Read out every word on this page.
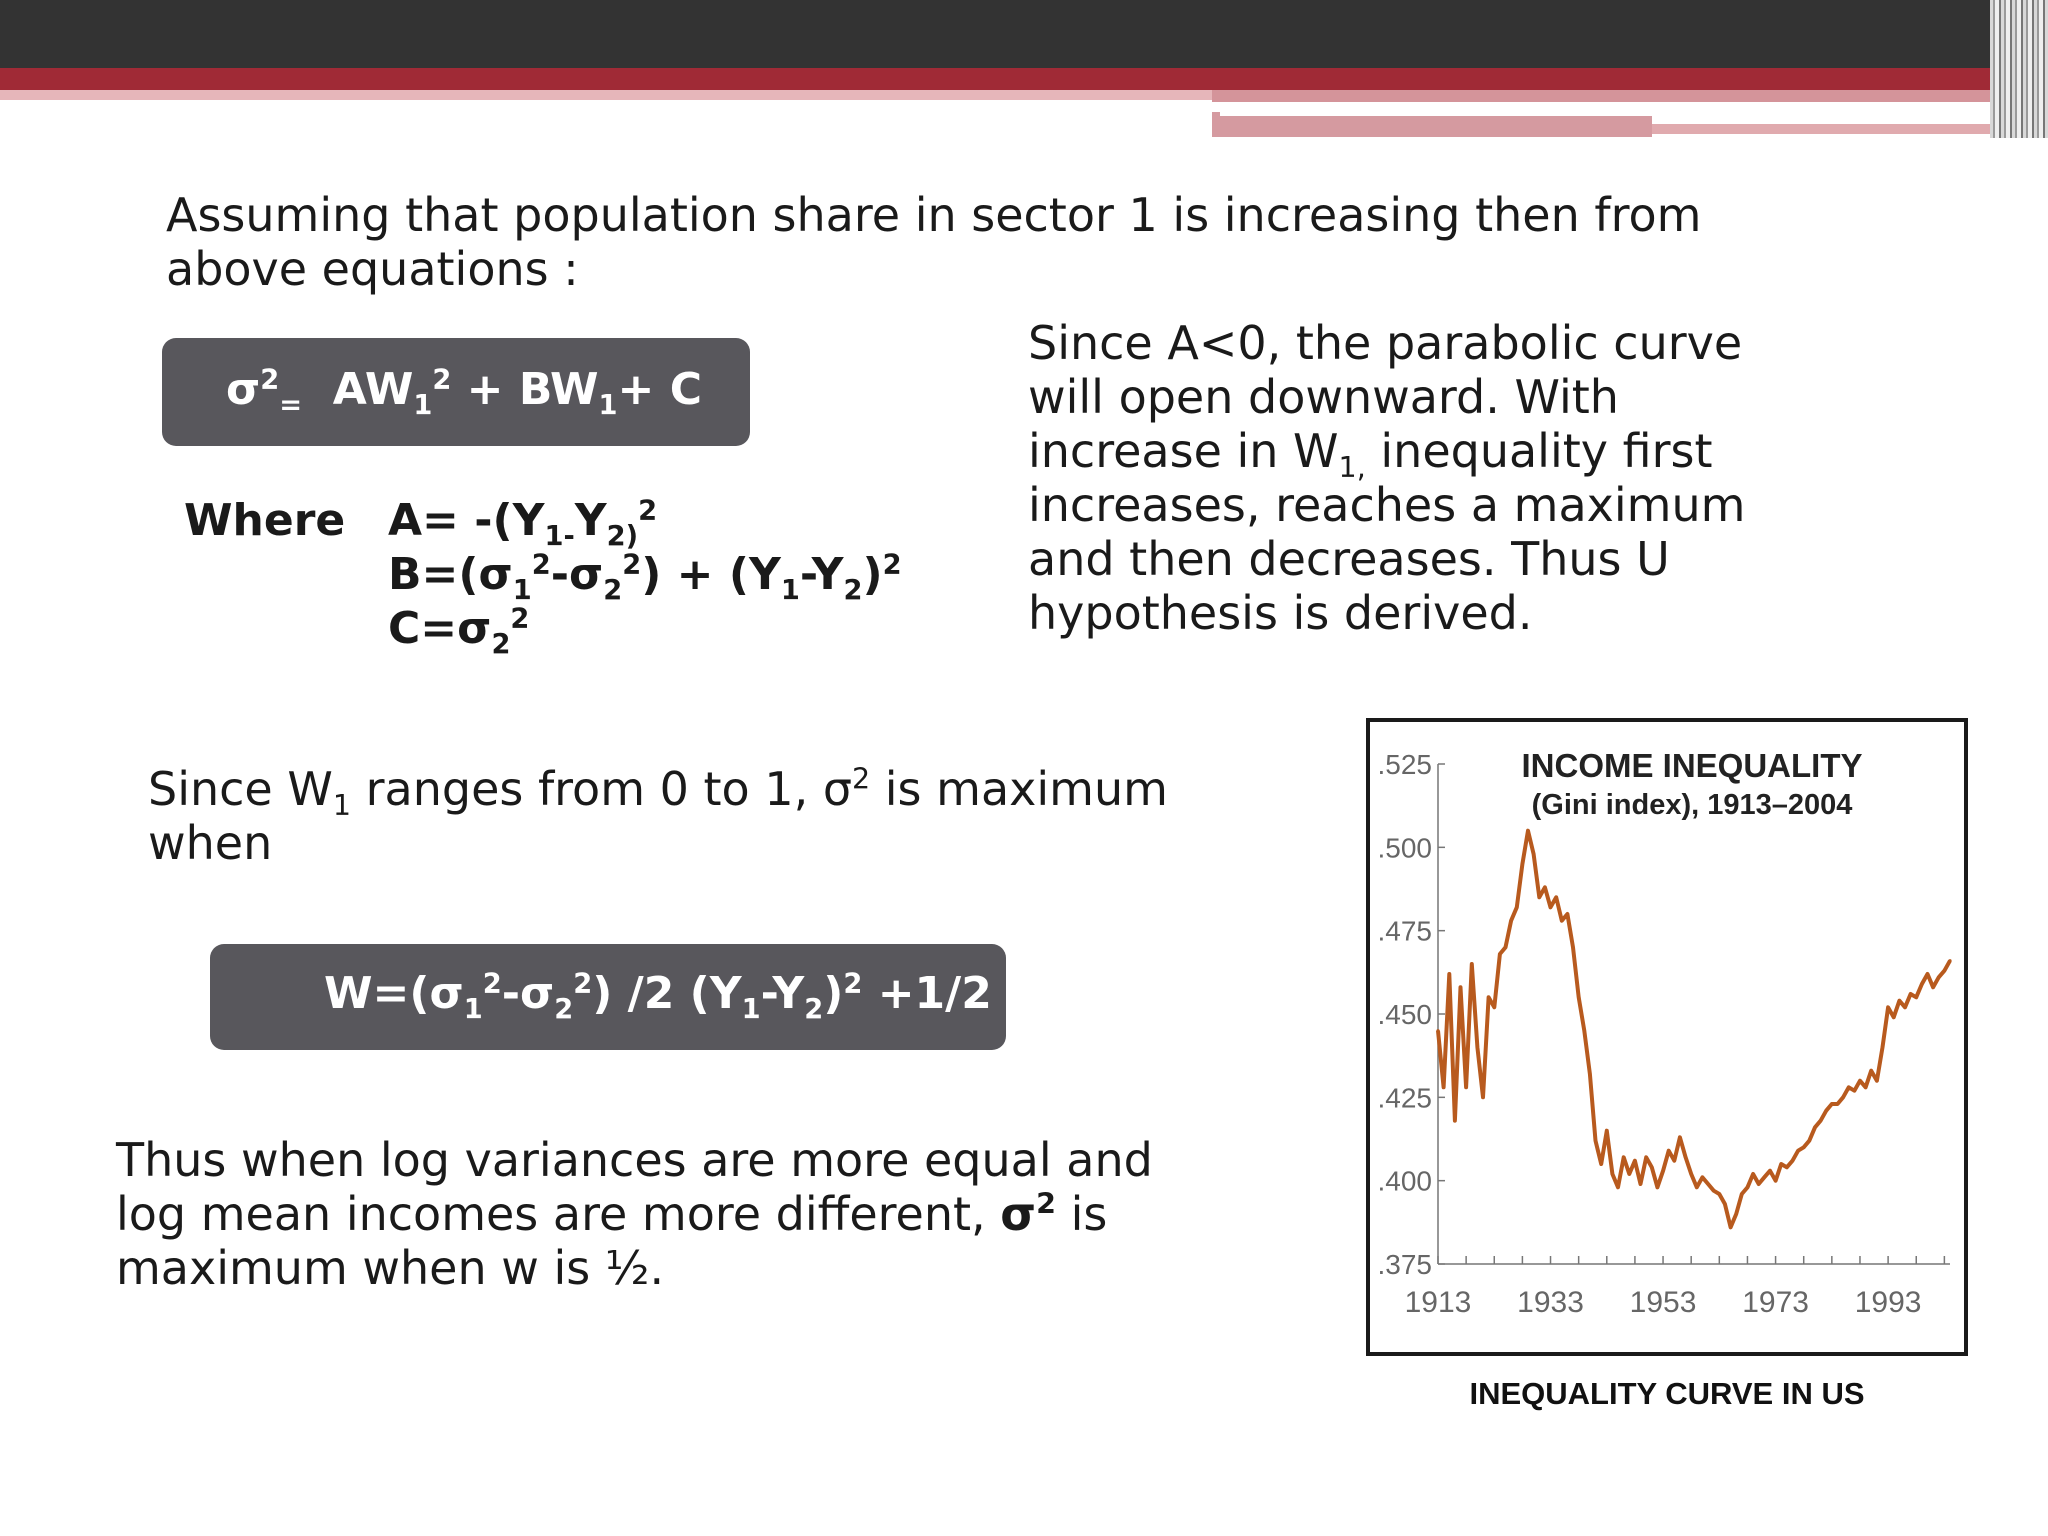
Assuming that population share in sector 1 is increasing then from above equations :

$\sigma^2_=$ $AW_1^2 + BW_1+ C$
Where $A= -(Y_{1-}Y_{2)}^2$
$B=(\sigma_1^2-\sigma_2^2) + (Y_1-Y_2)^2$
$C=\sigma_2^2$

Since A<0, the parabolic curve will open downward. With increase in $W_{1,}$ inequality first increases, reaches a maximum and then decreases. Thus U hypothesis is derived.

Since $W_1$ ranges from 0 to 1, $\sigma^2$ is maximum when

$W=(\sigma_1^2-\sigma_2^2)$ /2 $(Y_1-Y_2)^2 +1/2$

Thus when log variances are more equal and log mean incomes are more different, $\sigma^2$ is maximum when w is ½.

INCOME INEQUALITY
(Gini index), 1913–2004
.525
.500
.475
.450
.425
.400
.375
1913 1933 1953 1973 1993
INEQUALITY CURVE IN US
